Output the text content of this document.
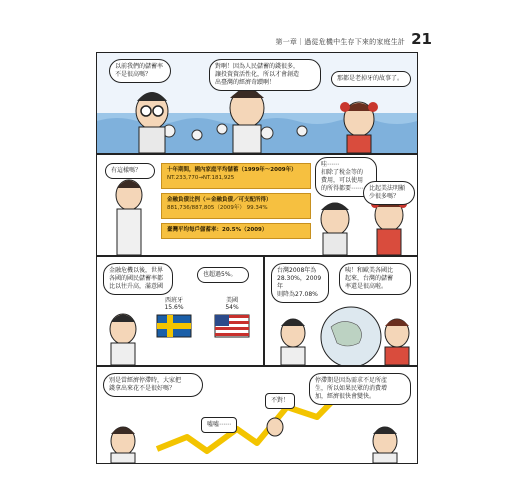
第一章｜過從危機中生存下來的家庭生計 21
以前我們的儲蓄率
不是很高嗎？
對啊！因為人民儲蓄的錢很多，
讓投資資活性化，所以才會創造
出臺灣的經濟奇蹟啊！
那都是老掉牙的故事了。
有這樣嗎？	十年期間，國內家庭平均儲蓄（1999年～2009年）
NT.233,770→NT.181,925
金融負債比例（＝金融負債／可支配所得）
881,736/887,805（2009年） 99.34%
臺灣平均每戶儲蓄率：20.5%（2009）
哇⋯⋯
扣除了稅金等的
費用，可以使用
的所得都要⋯⋯ 比起美法明顯
少很多嗎？
金融危機以後，世界
各國的國民儲蓄率都
比以往升高，滿意國
也超過5%。
西班牙
15.6%
美國
54%
台灣2008年為
28.30%，2009年
則降為27.08%
咦！和歐美各國比
起來，台灣的儲蓄
率還是很高啦。
別是當經濟停滯時，大家把
錢拿出來花不是很好嗎？
不對！
噓噓⋯⋯
停滯期是因為需求不足所產
生，所以如果民眾的消費增
加，經濟很快會變快。
